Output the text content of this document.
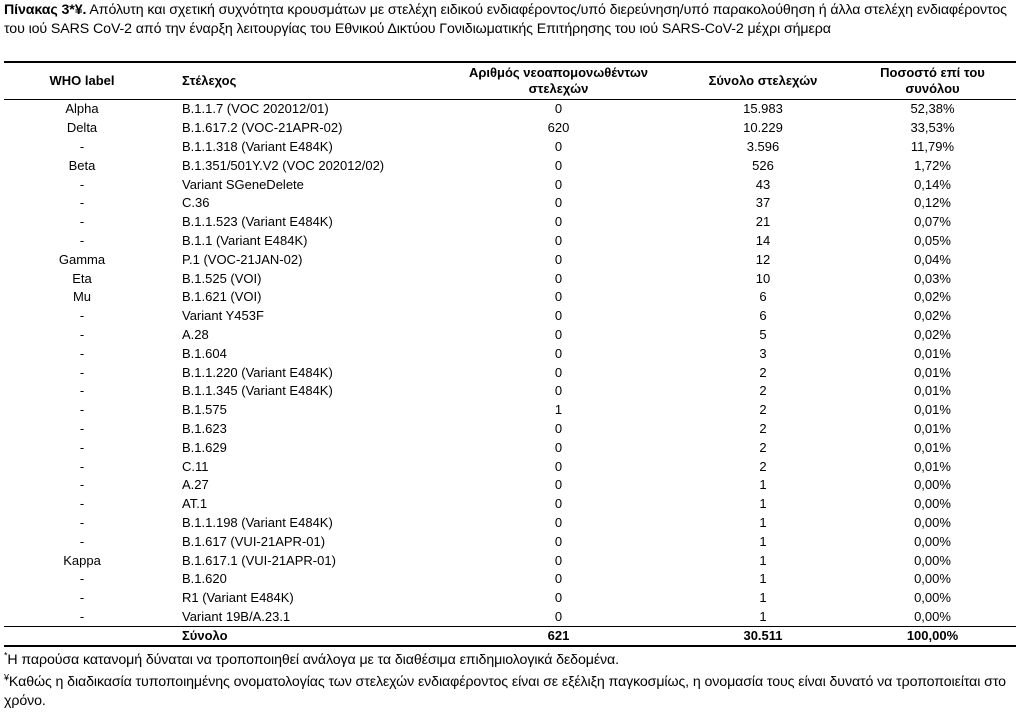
Πίνακας 3*¥. Απόλυτη και σχετική συχνότητα κρουσμάτων με στελέχη ειδικού ενδιαφέροντος/υπό διερεύνηση/υπό παρακολούθηση ή άλλα στελέχη ενδιαφέροντος του ιού SARS CoV-2 από την έναρξη λειτουργίας του Εθνικού Δικτύου Γονιδιωματικής Επιτήρησης του ιού SARS-CoV-2 μέχρι σήμερα
WHO label	Στέλεχος	Αριθμός νεοαπομονωθέντων στελεχών	Σύνολο στελεχών	Ποσοστό επί του συνόλου
Alpha	B.1.1.7 (VOC 202012/01)	0	15.983	52,38%
Delta	B.1.617.2 (VOC-21APR-02)	620	10.229	33,53%
-	B.1.1.318 (Variant E484K)	0	3.596	11,79%
Beta	B.1.351/501Y.V2 (VOC 202012/02)	0	526	1,72%
-	Variant SGeneDelete	0	43	0,14%
-	C.36	0	37	0,12%
-	B.1.1.523 (Variant E484K)	0	21	0,07%
-	B.1.1 (Variant E484K)	0	14	0,05%
Gamma	P.1 (VOC-21JAN-02)	0	12	0,04%
Eta	B.1.525 (VOI)	0	10	0,03%
Mu	B.1.621 (VOI)	0	6	0,02%
-	Variant Y453F	0	6	0,02%
-	A.28	0	5	0,02%
-	B.1.604	0	3	0,01%
-	B.1.1.220 (Variant E484K)	0	2	0,01%
-	B.1.1.345 (Variant E484K)	0	2	0,01%
-	B.1.575	1	2	0,01%
-	B.1.623	0	2	0,01%
-	B.1.629	0	2	0,01%
-	C.11	0	2	0,01%
-	A.27	0	1	0,00%
-	AT.1	0	1	0,00%
-	B.1.1.198 (Variant E484K)	0	1	0,00%
-	B.1.617 (VUI-21APR-01)	0	1	0,00%
Kappa	B.1.617.1 (VUI-21APR-01)	0	1	0,00%
-	B.1.620	0	1	0,00%
-	R1 (Variant E484K)	0	1	0,00%
-	Variant 19B/A.23.1	0	1	0,00%
	Σύνολο	621	30.511	100,00%
*Η παρούσα κατανομή δύναται να τροποποιηθεί ανάλογα με τα διαθέσιμα επιδημιολογικά δεδομένα.
¥Καθώς η διαδικασία τυποποιημένης ονοματολογίας των στελεχών ενδιαφέροντος είναι σε εξέλιξη παγκοσμίως, η ονομασία τους είναι δυνατό να τροποποιείται στο χρόνο.
